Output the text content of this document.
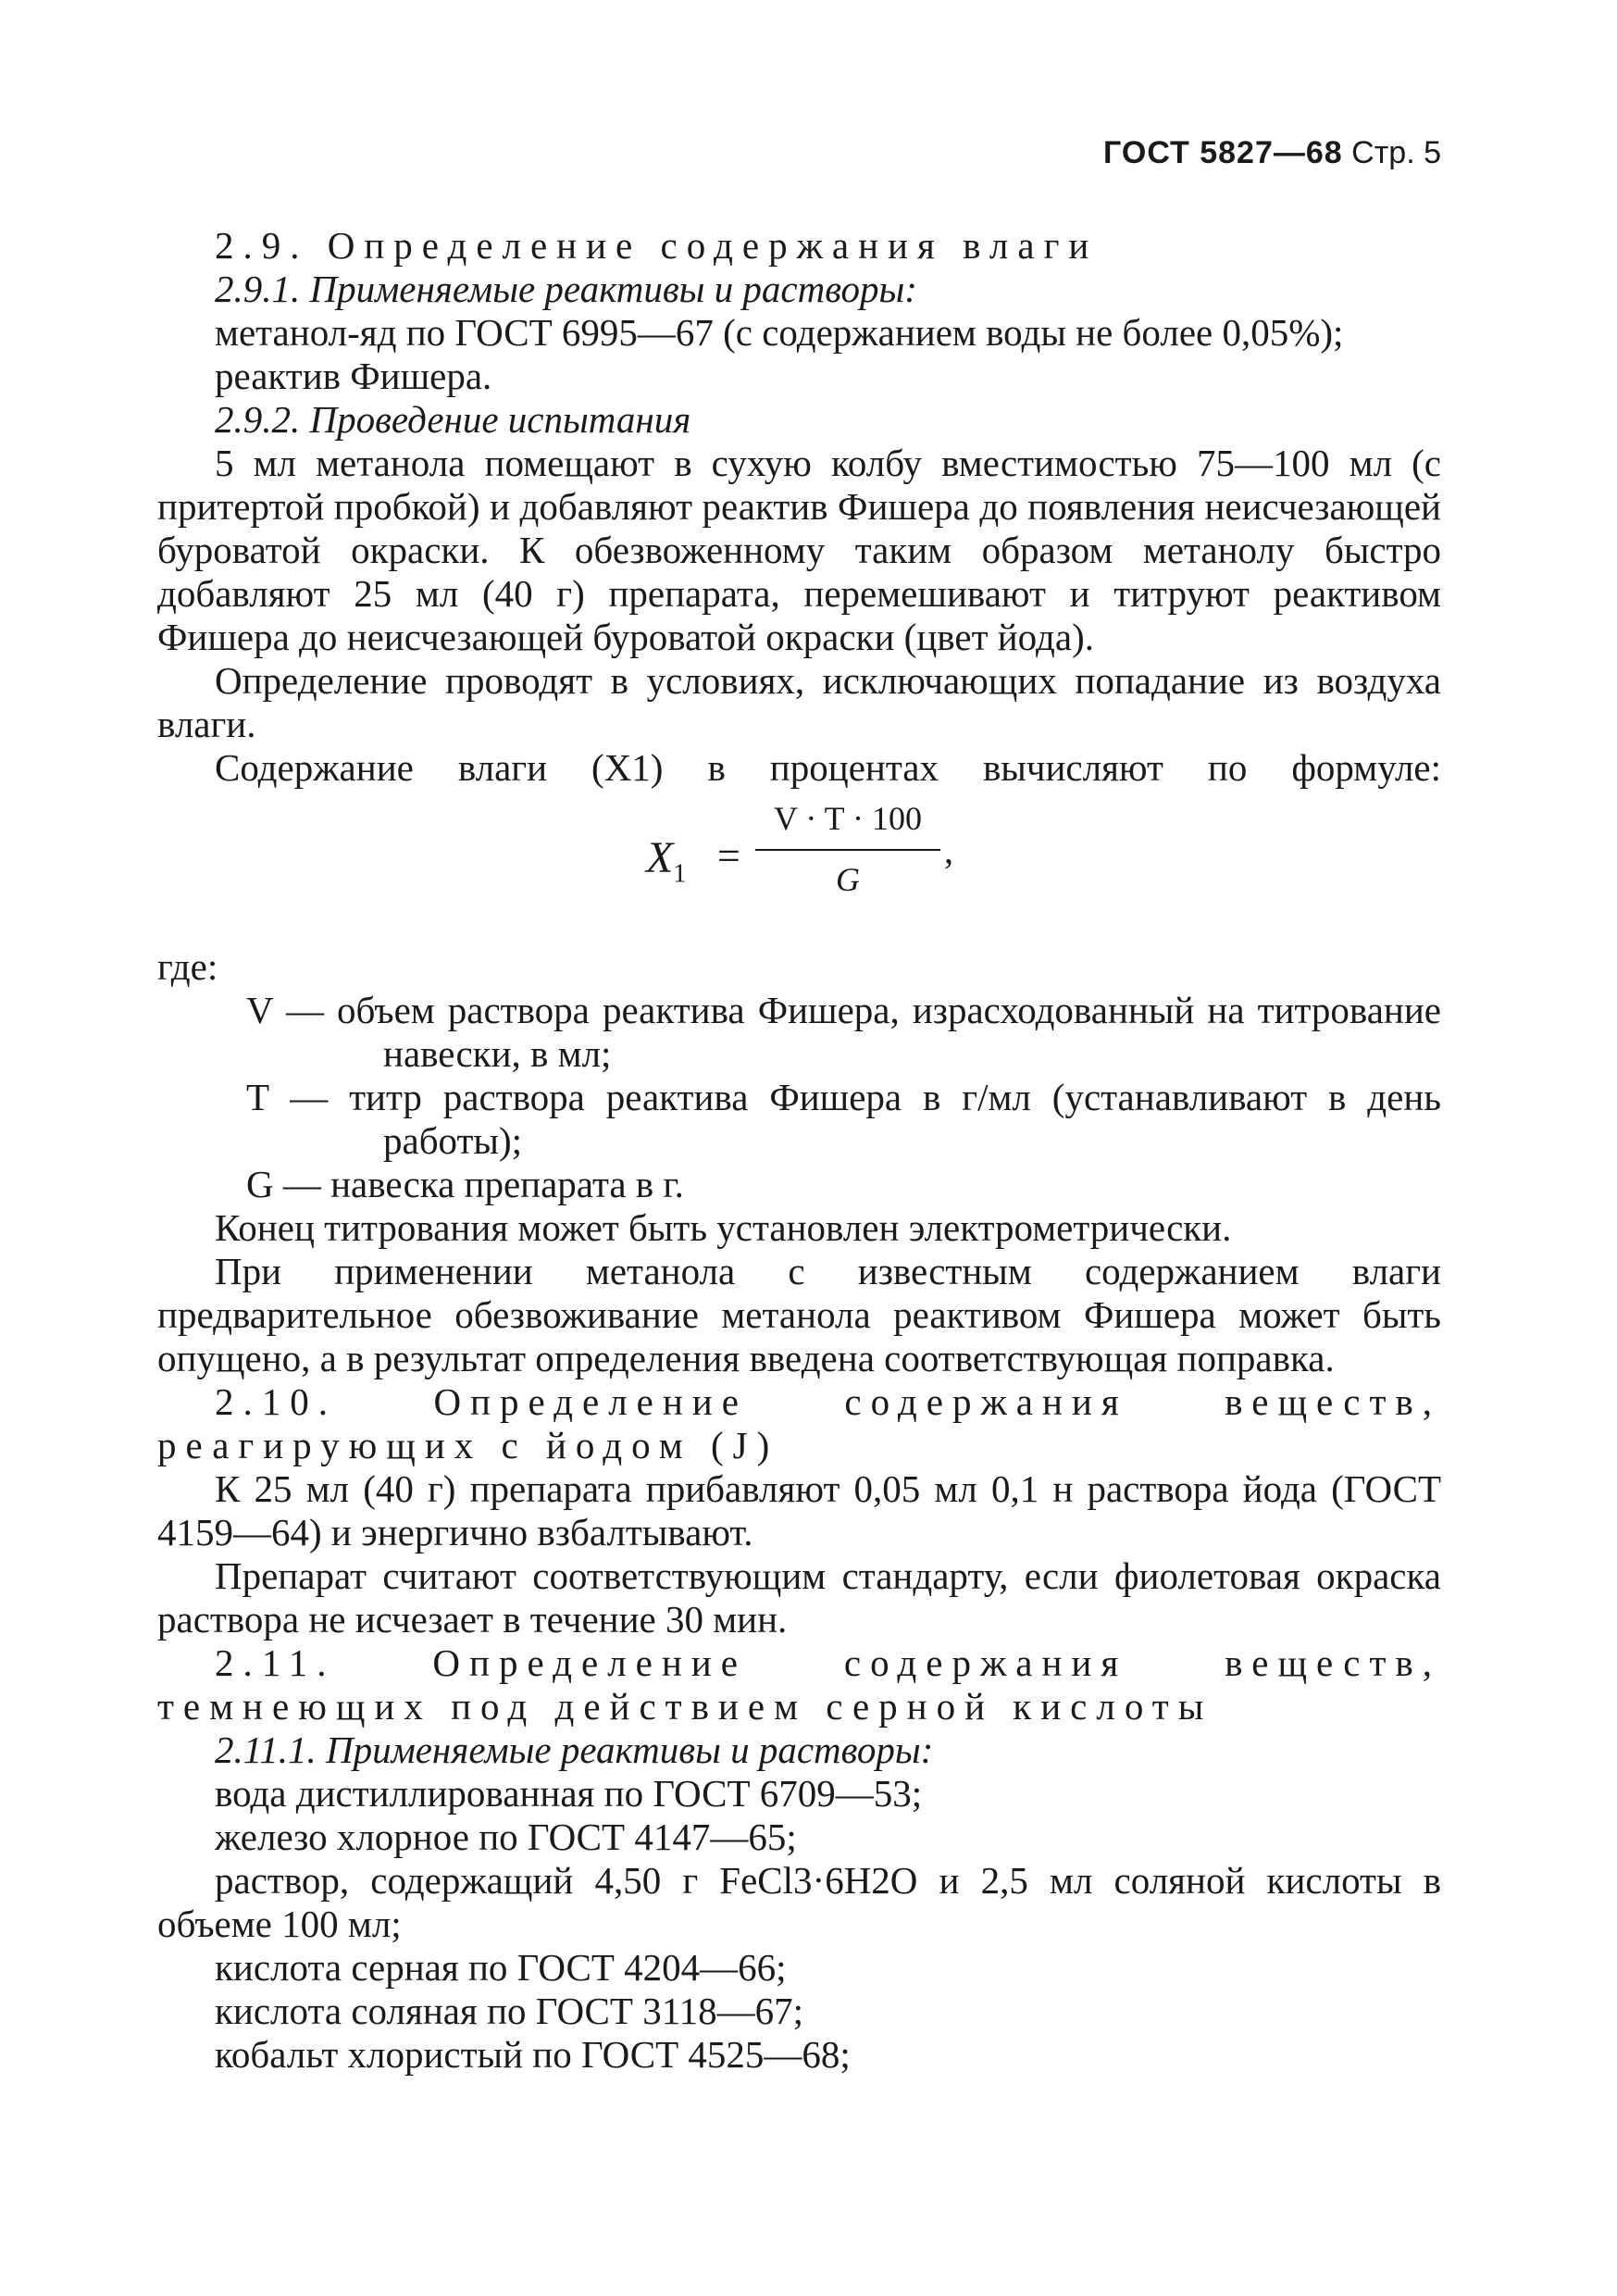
ГОСТ 5827—68 Стр. 5

2.9. Определение содержания влаги

2.9.1. Применяемые реактивы и растворы:

метанол-яд по ГОСТ 6995—67 (с содержанием воды не более 0,05%);

реактив Фишера.

2.9.2. Проведение испытания

5 мл метанола помещают в сухую колбу вместимостью 75—100 мл (с притертой пробкой) и добавляют реактив Фишера до появления неисчезающей буроватой окраски. К обезвоженному таким образом метанолу быстро добавляют 25 мл (40 г) препарата, перемешивают и титруют реактивом Фишера до неисчезающей буроватой окраски (цвет йода).

Определение проводят в условиях, исключающих попадание из воздуха влаги.

Содержание влаги (X1) в процентах вычисляют по формуле:

$X_1$ =
V · T · 100
G
,

где:

V — объем раствора реактива Фишера, израсходованный на титрование навески, в мл;

T — титр раствора реактива Фишера в г/мл (устанавливают в день работы);

G — навеска препарата в г.

Конец титрования может быть установлен электрометрически.

При применении метанола с известным содержанием влаги предварительное обезвоживание метанола реактивом Фишера может быть опущено, а в результат определения введена соответствующая поправка.

2.10. Определение содержания веществ, реагирующих с йодом (J)

К 25 мл (40 г) препарата прибавляют 0,05 мл 0,1 н раствора йода (ГОСТ 4159—64) и энергично взбалтывают.

Препарат считают соответствующим стандарту, если фиолетовая окраска раствора не исчезает в течение 30 мин.

2.11. Определение содержания веществ, темнеющих под действием серной кислоты

2.11.1. Применяемые реактивы и растворы:

вода дистиллированная по ГОСТ 6709—53;

железо хлорное по ГОСТ 4147—65;

раствор, содержащий 4,50 г FeCl3·6H2O и 2,5 мл соляной кислоты в объеме 100 мл;

кислота серная по ГОСТ 4204—66;

кислота соляная по ГОСТ 3118—67;

кобальт хлористый по ГОСТ 4525—68;
